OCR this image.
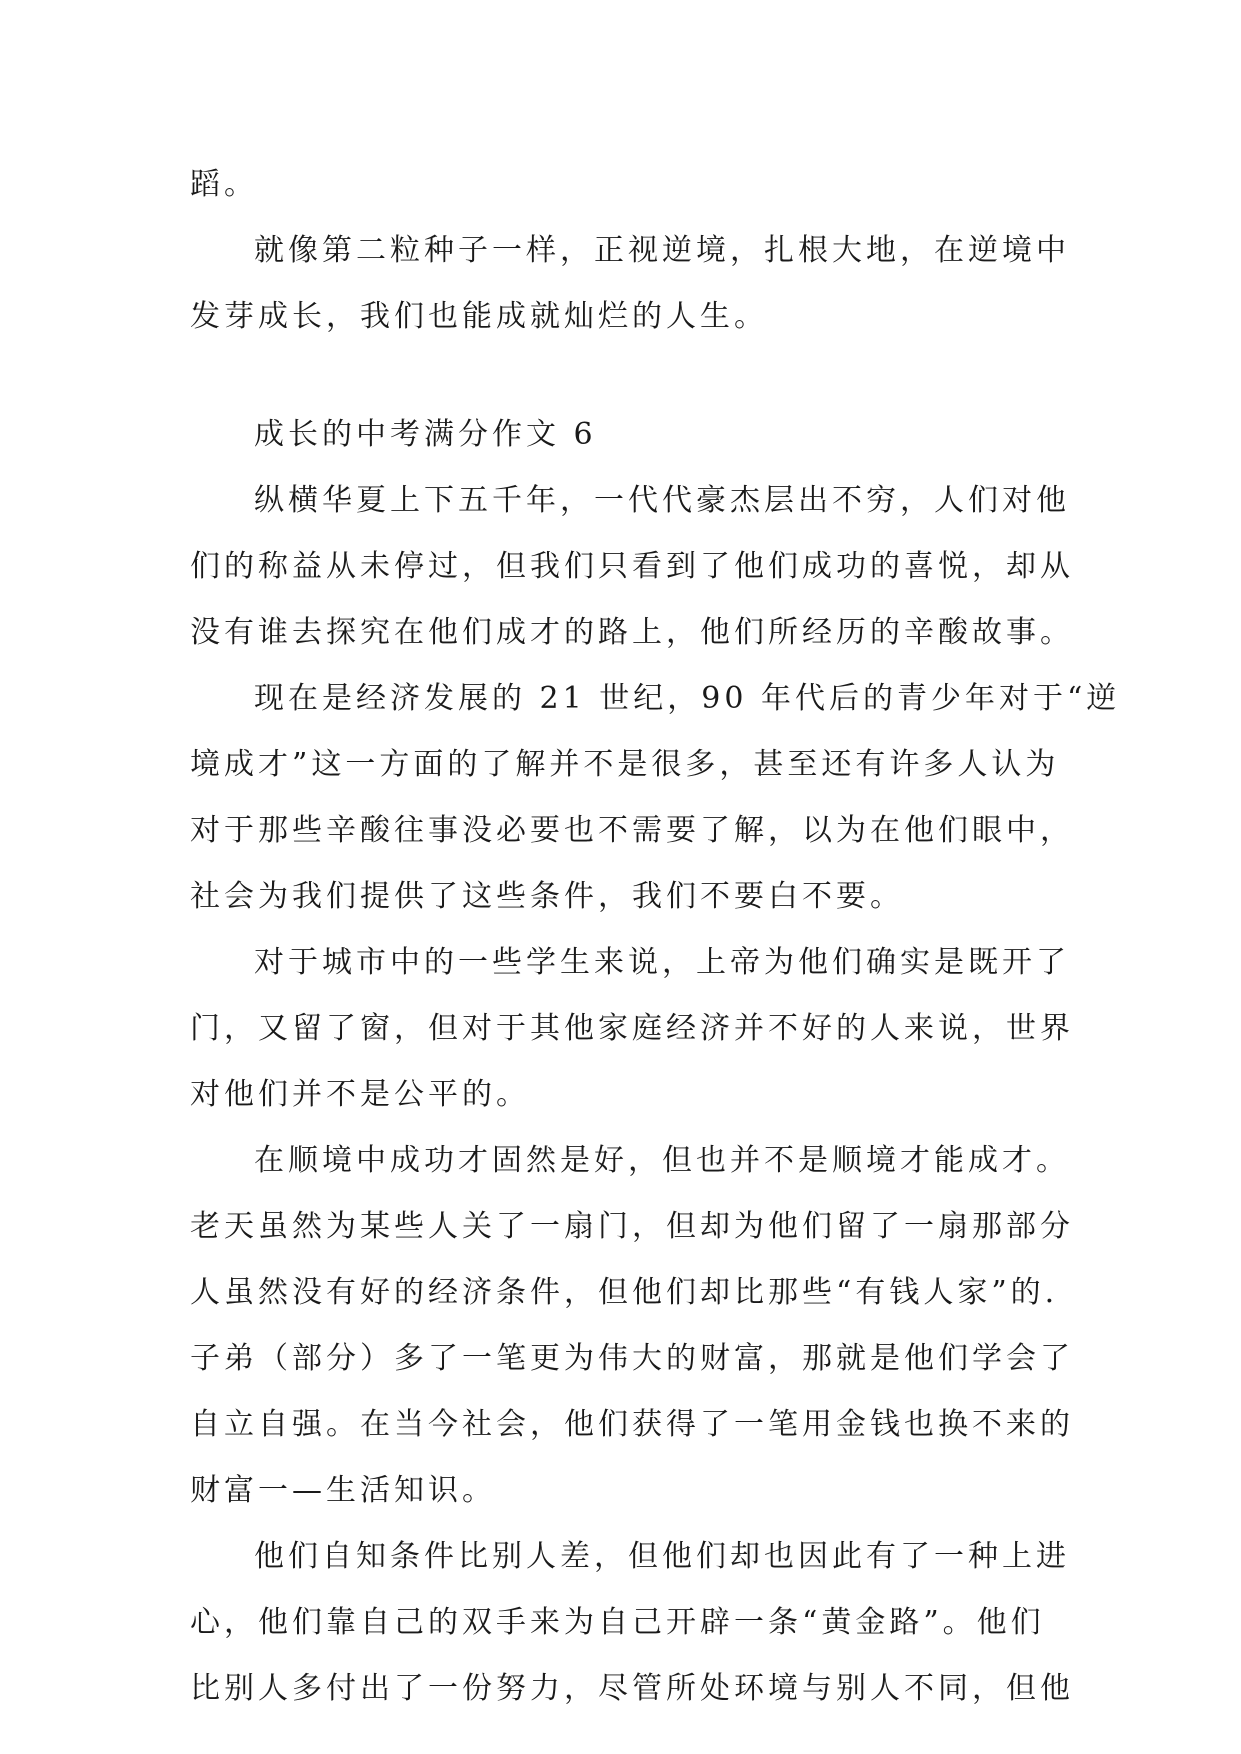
蹈。
就像第二粒种子一样，正视逆境，扎根大地，在逆境中
发芽成长，我们也能成就灿烂的人生。
成长的中考满分作文 6
纵横华夏上下五千年，一代代豪杰层出不穷，人们对他
们的称益从未停过，但我们只看到了他们成功的喜悦，却从
没有谁去探究在他们成才的路上，他们所经历的辛酸故事。
现在是经济发展的 21 世纪，90 年代后的青少年对于“逆
境成才”这一方面的了解并不是很多，甚至还有许多人认为
对于那些辛酸往事没必要也不需要了解，以为在他们眼中，
社会为我们提供了这些条件，我们不要白不要。
对于城市中的一些学生来说，上帝为他们确实是既开了
门，又留了窗，但对于其他家庭经济并不好的人来说，世界
对他们并不是公平的。
在顺境中成功才固然是好，但也并不是顺境才能成才。
老天虽然为某些人关了一扇门，但却为他们留了一扇那部分
人虽然没有好的经济条件，但他们却比那些“有钱人家”的.
子弟（部分）多了一笔更为伟大的财富，那就是他们学会了
自立自强。在当今社会，他们获得了一笔用金钱也换不来的
财富一—生活知识。
他们自知条件比别人差，但他们却也因此有了一种上进
心，他们靠自己的双手来为自己开辟一条“黄金路”。他们
比别人多付出了一份努力，尽管所处环境与别人不同，但他
